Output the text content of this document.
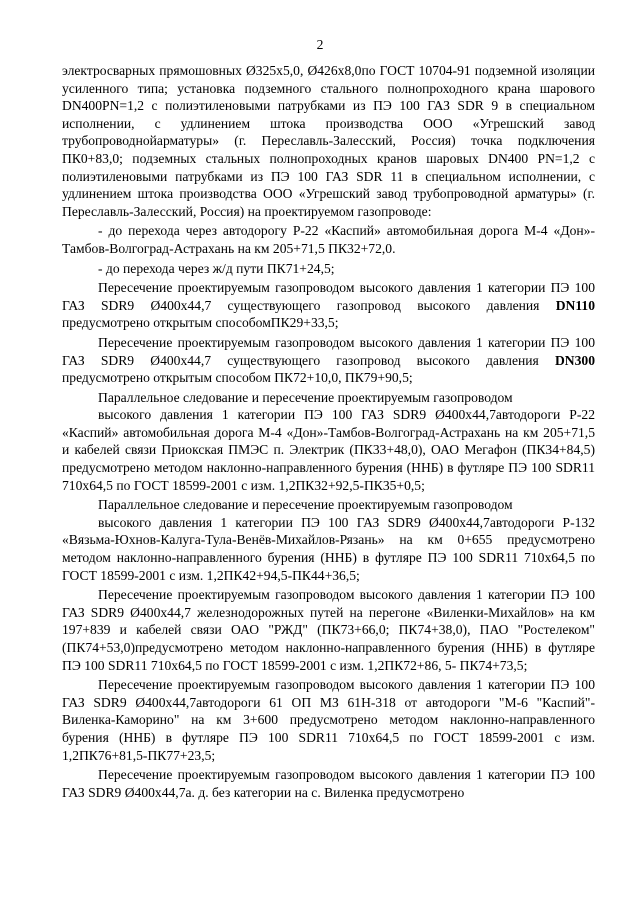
2

электросварных прямошовных Ø325х5,0, Ø426х8,0по ГОСТ 10704-91 подземной изоляции усиленного типа; установка подземного стального полнопроходного крана шарового DN400PN=1,2 с полиэтиленовыми патрубками из ПЭ 100 ГАЗ SDR 9 в специальном исполнении, с удлинением штока производства ООО «Угрешский завод трубопроводнойарматуры» (г. Переславль-Залесский, Россия) точка подключения ПК0+83,0; подземных стальных полнопроходных кранов шаровых DN400 PN=1,2 с полиэтиленовыми патрубками из ПЭ 100 ГАЗ SDR 11 в специальном исполнении, с удлинением штока производства ООО «Угрешский завод трубопроводной арматуры» (г. Переславль-Залесский, Россия) на проектируемом газопроводе:

- до перехода через автодорогу Р-22 «Каспий» автомобильная дорога М-4 «Дон»-Тамбов-Волгоград-Астрахань на км 205+71,5 ПК32+72,0.

- до перехода через ж/д пути ПК71+24,5;

Пересечение проектируемым газопроводом высокого давления 1 категории ПЭ 100 ГАЗ SDR9 Ø400х44,7 существующего газопровод высокого давления DN110 предусмотрено открытым способомПК29+33,5;

Пересечение проектируемым газопроводом высокого давления 1 категории ПЭ 100 ГАЗ SDR9 Ø400х44,7 существующего газопровод высокого давления DN300 предусмотрено открытым способом ПК72+10,0, ПК79+90,5;

Параллельное следование и пересечение проектируемым газопроводом

высокого давления 1 категории ПЭ 100 ГАЗ SDR9 Ø400х44,7автодороги Р-22 «Каспий» автомобильная дорога М-4 «Дон»-Тамбов-Волгоград-Астрахань на км 205+71,5 и кабелей связи Приокская ПМЭС п. Электрик (ПК33+48,0), ОАО Мегафон (ПК34+84,5) предусмотрено методом наклонно-направленного бурения (ННБ) в футляре ПЭ 100 SDR11 710х64,5 по ГОСТ 18599-2001 с изм. 1,2ПК32+92,5-ПК35+0,5;

Параллельное следование и пересечение проектируемым газопроводом

высокого давления 1 категории ПЭ 100 ГАЗ SDR9 Ø400х44,7автодороги Р-132 «Вязьма-Юхнов-Калуга-Тула-Венёв-Михайлов-Рязань» на км 0+655 предусмотрено методом наклонно-направленного бурения (ННБ) в футляре ПЭ 100 SDR11 710х64,5 по ГОСТ 18599-2001 с изм. 1,2ПК42+94,5-ПК44+36,5;

Пересечение проектируемым газопроводом высокого давления 1 категории ПЭ 100 ГАЗ SDR9 Ø400х44,7 железнодорожных путей на перегоне «Виленки-Михайлов» на км 197+839 и кабелей связи ОАО "РЖД" (ПК73+66,0; ПК74+38,0), ПАО "Ростелеком" (ПК74+53,0)предусмотрено методом наклонно-направленного бурения (ННБ) в футляре ПЭ 100 SDR11 710х64,5 по ГОСТ 18599-2001 с изм. 1,2ПК72+86, 5- ПК74+73,5;

Пересечение проектируемым газопроводом высокого давления 1 категории ПЭ 100 ГАЗ SDR9 Ø400х44,7автодороги 61 ОП МЗ 61Н-318 от автодороги "М-6 "Каспий"- Виленка-Каморино" на км 3+600 предусмотрено методом наклонно-направленного бурения (ННБ) в футляре ПЭ 100 SDR11 710х64,5 по ГОСТ 18599-2001 с изм. 1,2ПК76+81,5-ПК77+23,5;

Пересечение проектируемым газопроводом высокого давления 1 категории ПЭ 100 ГАЗ SDR9 Ø400х44,7а. д. без категории на с. Виленка предусмотрено
